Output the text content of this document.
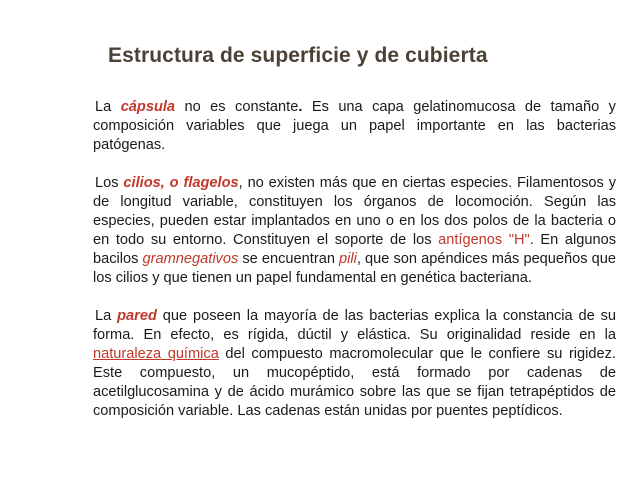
Estructura de superficie y de cubierta

La cápsula no es constante. Es una capa gelatinomucosa de tamaño y composición variables que juega un papel importante en las bacterias patógenas.

Los cilios, o flagelos, no existen más que en ciertas especies. Filamentosos y de longitud variable, constituyen los órganos de locomoción. Según las especies, pueden estar implantados en uno o en los dos polos de la bacteria o en todo su entorno. Constituyen el soporte de los antígenos "H". En algunos bacilos gramnegativos se encuentran pili, que son apéndices más pequeños que los cilios y que tienen un papel fundamental en genética bacteriana.

La pared que poseen la mayoría de las bacterias explica la constancia de su forma. En efecto, es rígida, dúctil y elástica. Su originalidad reside en la naturaleza química del compuesto macromolecular que le confiere su rigidez. Este compuesto, un mucopéptido, está formado por cadenas de acetilglucosamina y de ácido murámico sobre las que se fijan tetrapéptidos de composición variable. Las cadenas están unidas por puentes peptídicos.
